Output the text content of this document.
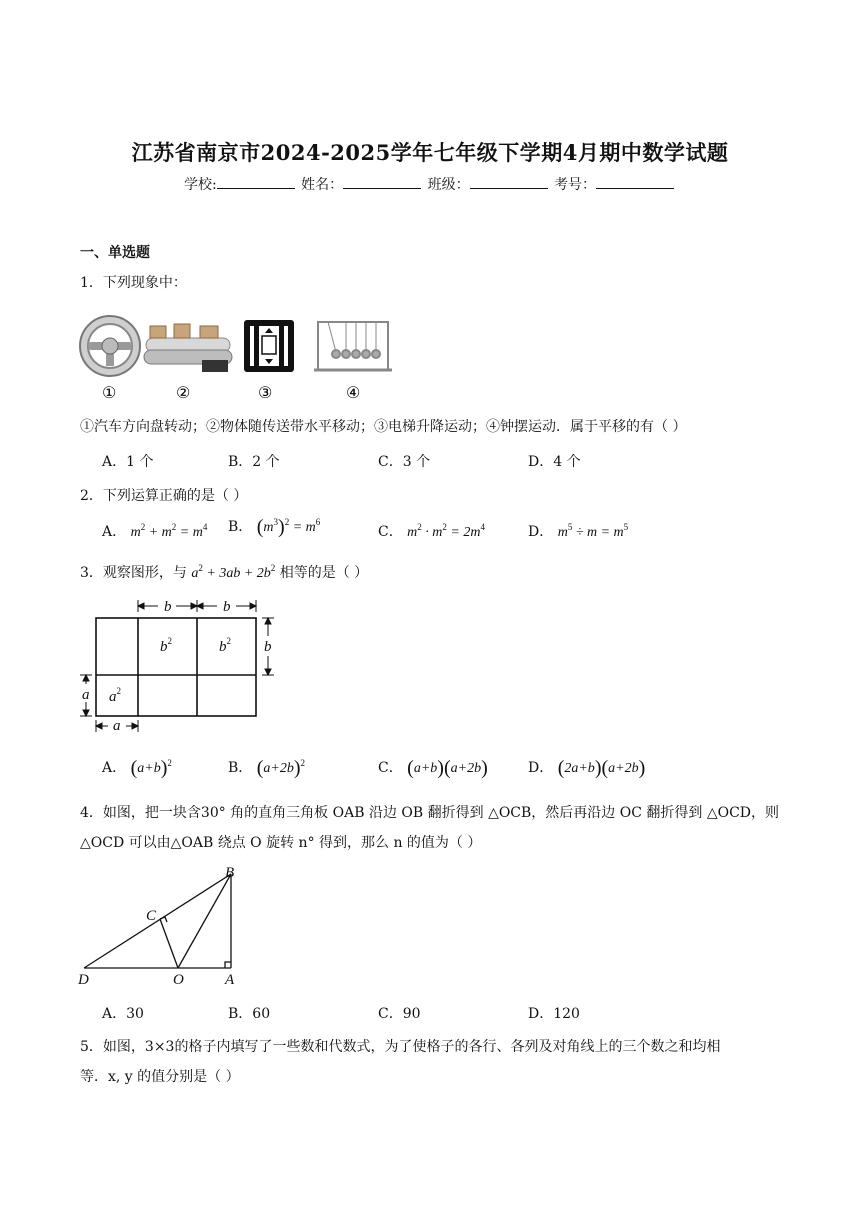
江苏省南京市2024-2025学年七年级下学期4月期中数学试题
学校:	姓名：	班级：	考号：
一、单选题
1．下列现象中：
①	②	③	④
①汽车方向盘转动；②物体随传送带水平移动；③电梯升降运动；④钟摆运动．属于平移的有（ ）
A．1 个	B．2 个	C．3 个	D．4 个
2．下列运算正确的是（ ）
A． $m^2 + m^2 = m^4$ B． $(m^3)^2 = m^6$
C． $m^2 \cdot m^2 = 2m^4$	D． $m^5 \div m = m^5$
3．观察图形，与 $a^2 + 3ab + 2b^2$ 相等的是（ ）
b	b
b
a
a
$b^2$	$b^2$
$a^2$
A． $(a+b)^2$	B． $(a+2b)^2$	C． (a+b)(a+2b)	D． (2a+b)(a+2b)
4．如图，把一块含30° 角的直角三角板 OAB 沿边 OB 翻折得到 △OCB，然后再沿边 OC 翻折得到 △OCD，则
△OCD 可以由△OAB 绕点 O 旋转 n° 得到，那么 n 的值为（ ）
B
C
D	O	A
A．30	B．60	C．90	D．120
5．如图，3×3的格子内填写了一些数和代数式，为了使格子的各行、各列及对角线上的三个数之和均相
等．x, y 的值分别是（ ）
